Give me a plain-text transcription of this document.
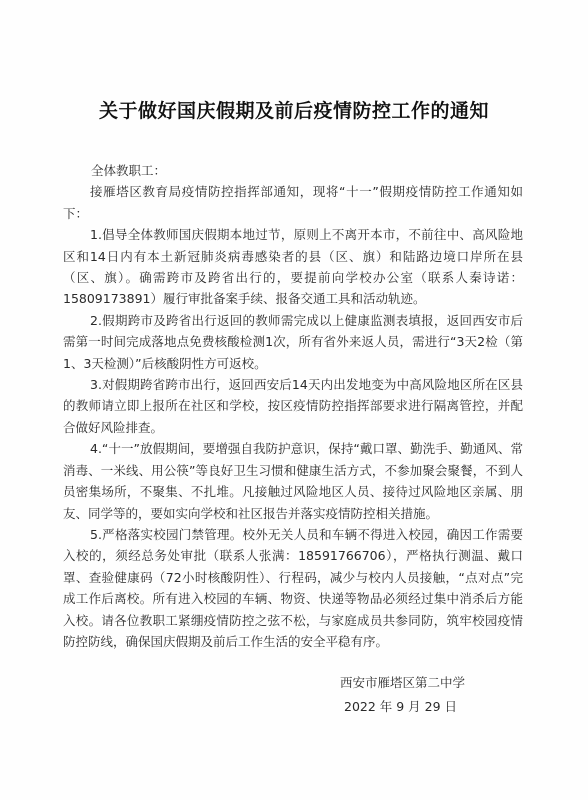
关于做好国庆假期及前后疫情防控工作的通知

全体教职工：

接雁塔区教育局疫情防控指挥部通知，现将“十一”假期疫情防控工作通知如下：

1.倡导全体教师国庆假期本地过节，原则上不离开本市，不前往中、高风险地区和14日内有本土新冠肺炎病毒感染者的县（区、旗）和陆路边境口岸所在县（区、旗）。确需跨市及跨省出行的，要提前向学校办公室（联系人秦诗诺：15809173891）履行审批备案手续、报备交通工具和活动轨迹。

2.假期跨市及跨省出行返回的教师需完成以上健康监测表填报，返回西安市后需第一时间完成落地点免费核酸检测1次，所有省外来返人员，需进行“3天2检（第1、3天检测）”后核酸阴性方可返校。

3.对假期跨省跨市出行，返回西安后14天内出发地变为中高风险地区所在区县的教师请立即上报所在社区和学校，按区疫情防控指挥部要求进行隔离管控，并配合做好风险排查。

4.“十一”放假期间，要增强自我防护意识，保持“戴口罩、勤洗手、勤通风、常消毒、一米线、用公筷”等良好卫生习惯和健康生活方式，不参加聚会聚餐，不到人员密集场所，不聚集、不扎堆。凡接触过风险地区人员、接待过风险地区亲属、朋友、同学等的，要如实向学校和社区报告并落实疫情防控相关措施。

5.严格落实校园门禁管理。校外无关人员和车辆不得进入校园，确因工作需要入校的，须经总务处审批（联系人张满：18591766706），严格执行测温、戴口罩、查验健康码（72小时核酸阴性）、行程码，减少与校内人员接触，“点对点”完成工作后离校。所有进入校园的车辆、物资、快递等物品必须经过集中消杀后方能入校。请各位教职工紧绷疫情防控之弦不松，与家庭成员共参同防，筑牢校园疫情防控防线，确保国庆假期及前后工作生活的安全平稳有序。

西安市雁塔区第二中学
2022 年 9 月 29 日
